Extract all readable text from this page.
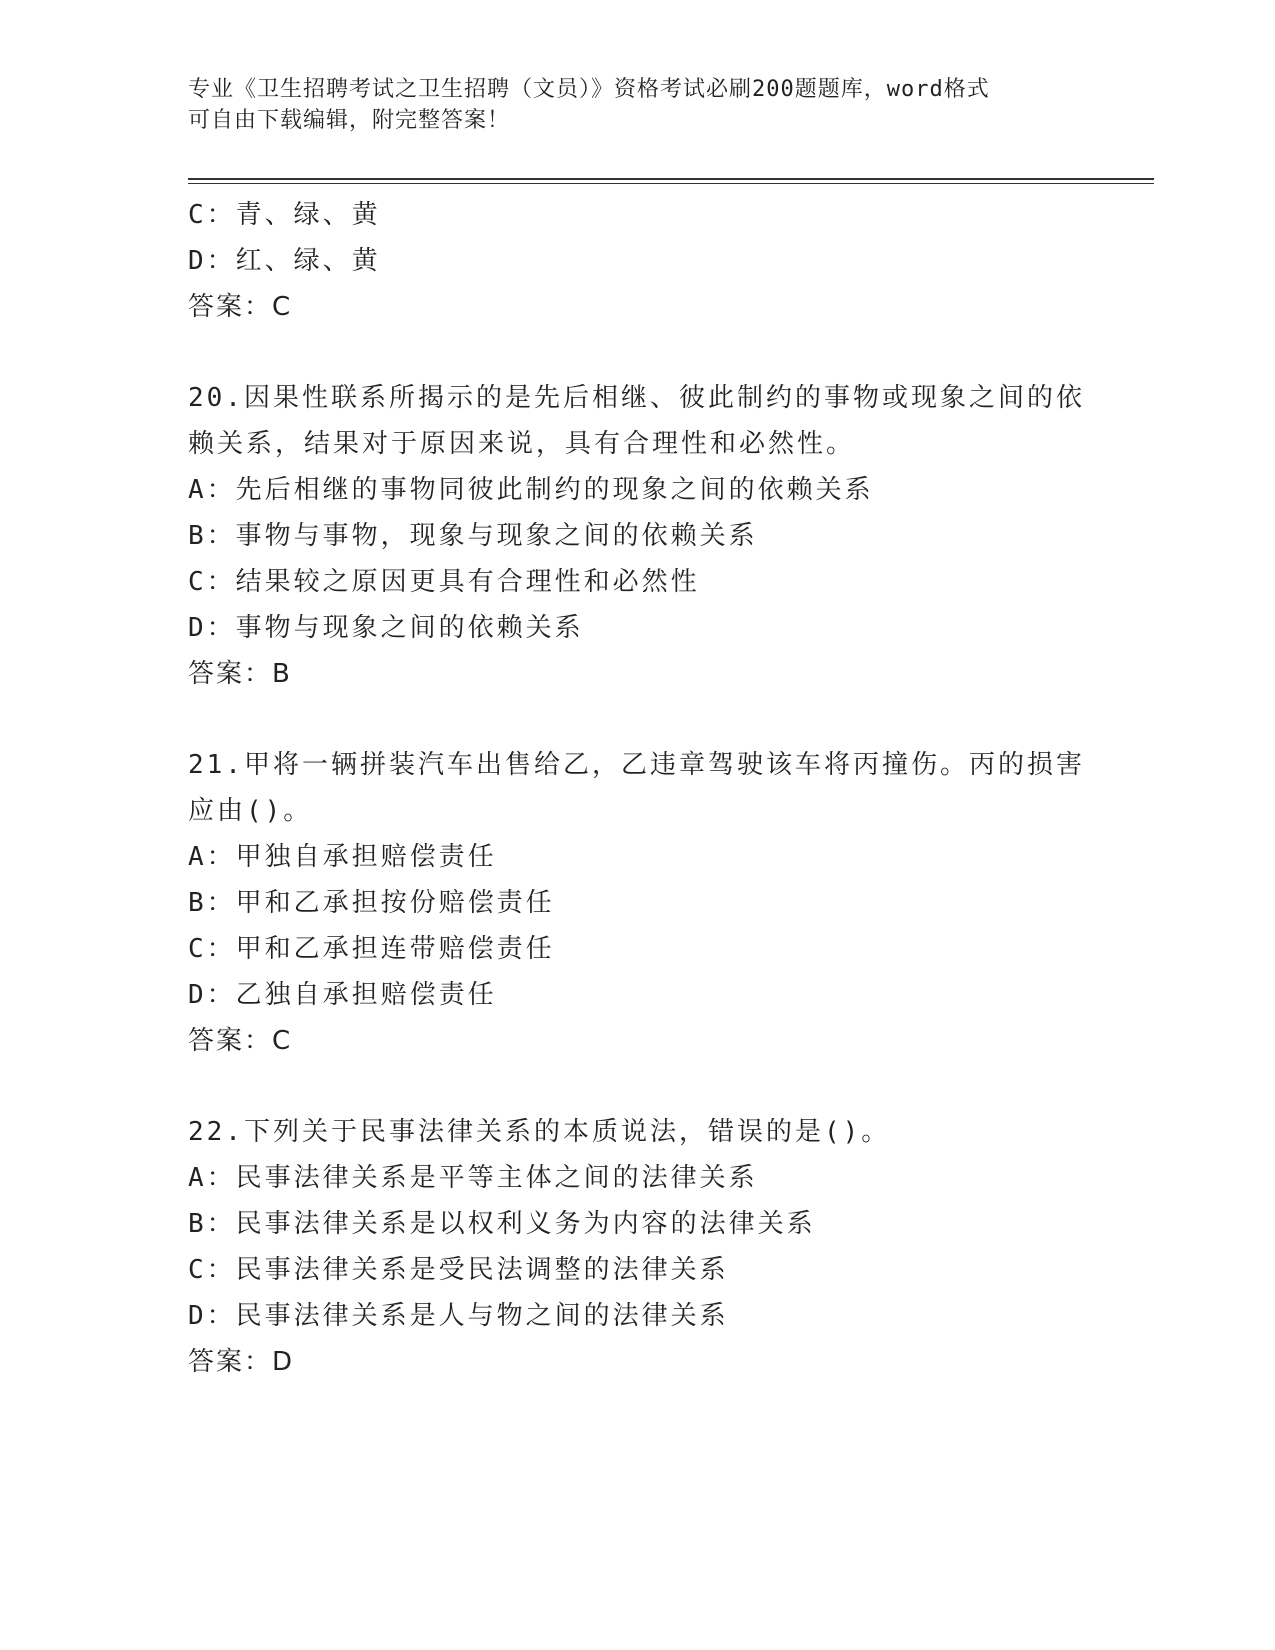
专业《卫生招聘考试之卫生招聘（文员）》资格考试必刷200题题库，word格式
可自由下载编辑，附完整答案！
C：青、绿、黄
D：红、绿、黄
答案：C
20.因果性联系所揭示的是先后相继、彼此制约的事物或现象之间的依
赖关系，结果对于原因来说，具有合理性和必然性。
A：先后相继的事物同彼此制约的现象之间的依赖关系
B：事物与事物，现象与现象之间的依赖关系
C：结果较之原因更具有合理性和必然性
D：事物与现象之间的依赖关系
答案：B
21.甲将一辆拼装汽车出售给乙，乙违章驾驶该车将丙撞伤。丙的损害
应由()。
A：甲独自承担赔偿责任
B：甲和乙承担按份赔偿责任
C：甲和乙承担连带赔偿责任
D：乙独自承担赔偿责任
答案：C
22.下列关于民事法律关系的本质说法，错误的是()。
A：民事法律关系是平等主体之间的法律关系
B：民事法律关系是以权利义务为内容的法律关系
C：民事法律关系是受民法调整的法律关系
D：民事法律关系是人与物之间的法律关系
答案：D
